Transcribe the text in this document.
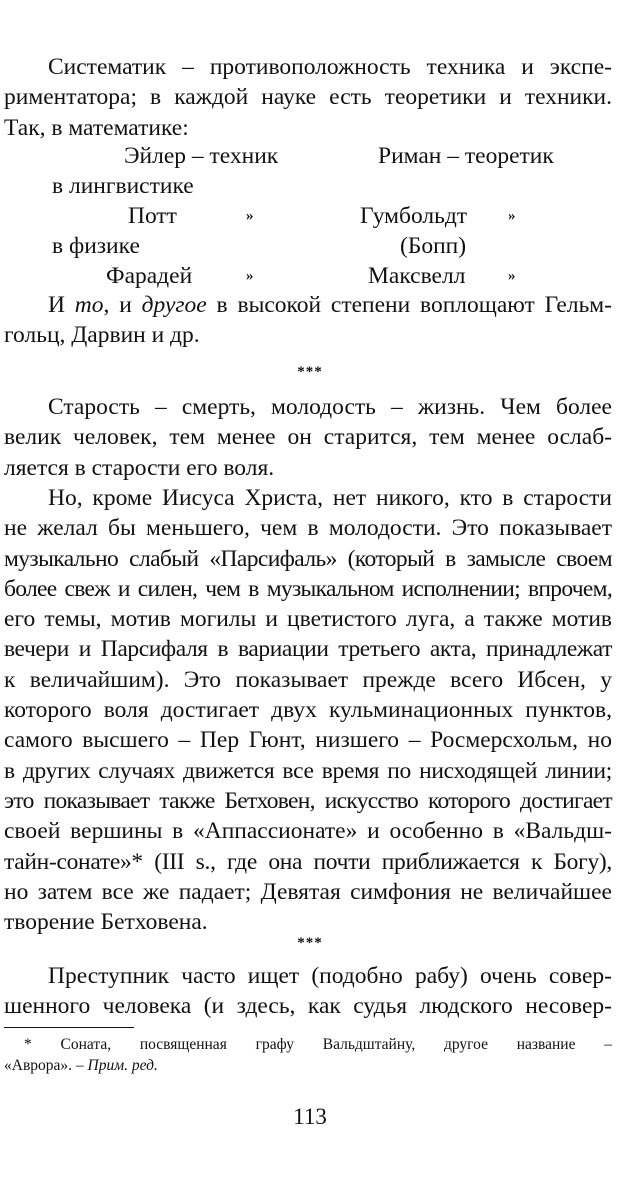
Систематик – противоположность техника и экспе-
риментатора; в каждой науке есть теоретики и техники.
Так, в математике:
Эйлер – техник	Риман – теоретик
в лингвистике
Потт	»	Гумбольдт	»
в физике	(Бопп)
Фарадей	»	Максвелл	»
И то, и другое в высокой степени воплощают Гельм-
гольц, Дарвин и др.
***
Старость – смерть, молодость – жизнь. Чем более
велик человек, тем менее он старится, тем менее ослаб-
ляется в старости его воля.
Но, кроме Иисуса Христа, нет никого, кто в старости
не желал бы меньшего, чем в молодости. Это показывает
музыкально слабый «Парсифаль» (который в замысле своем
более свеж и силен, чем в музыкальном исполнении; впрочем,
его темы, мотив могилы и цветистого луга, а также мотив
вечери и Парсифаля в вариации третьего акта, принадлежат
к величайшим). Это показывает прежде всего Ибсен, у
которого воля достигает двух кульминационных пунктов,
самого высшего – Пер Гюнт, низшего – Росмерсхольм, но
в других случаях движется все время по нисходящей линии;
это показывает также Бетховен, искусство которого достигает
своей вершины в «Аппассионате» и особенно в «Вальдш-
тайн-сонате»* (III s., где она почти приближается к Богу),
но затем все же падает; Девятая симфония не величайшее
творение Бетховена.
***
Преступник часто ищет (подобно рабу) очень совер-
шенного человека (и здесь, как судья людского несовер-
* Соната, посвященная графу Вальдштайну, другое название –
«Аврора». – Прим. ред.
113
